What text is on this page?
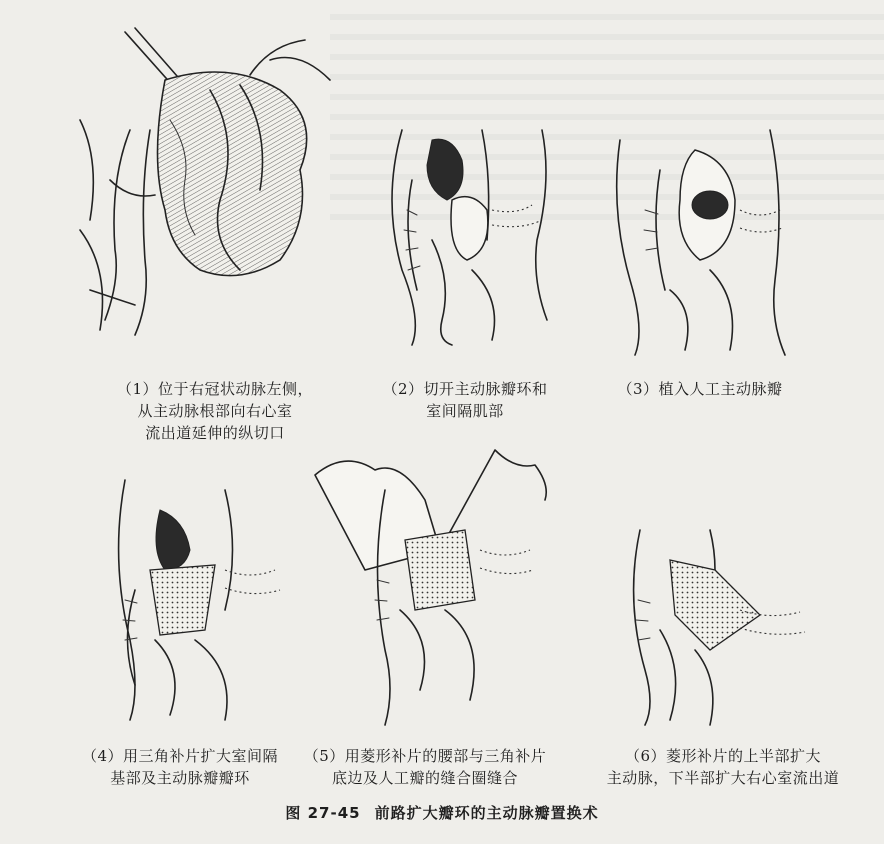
（1）位于右冠状动脉左侧，
从主动脉根部向右心室
流出道延伸的纵切口
（2）切开主动脉瓣环和
室间隔肌部
（3）植入人工主动脉瓣
（4）用三角补片扩大室间隔
基部及主动脉瓣瓣环
（5）用菱形补片的腰部与三角补片
底边及人工瓣的缝合圈缝合
（6）菱形补片的上半部扩大
主动脉，下半部扩大右心室流出道
图 27-45 前路扩大瓣环的主动脉瓣置换术
